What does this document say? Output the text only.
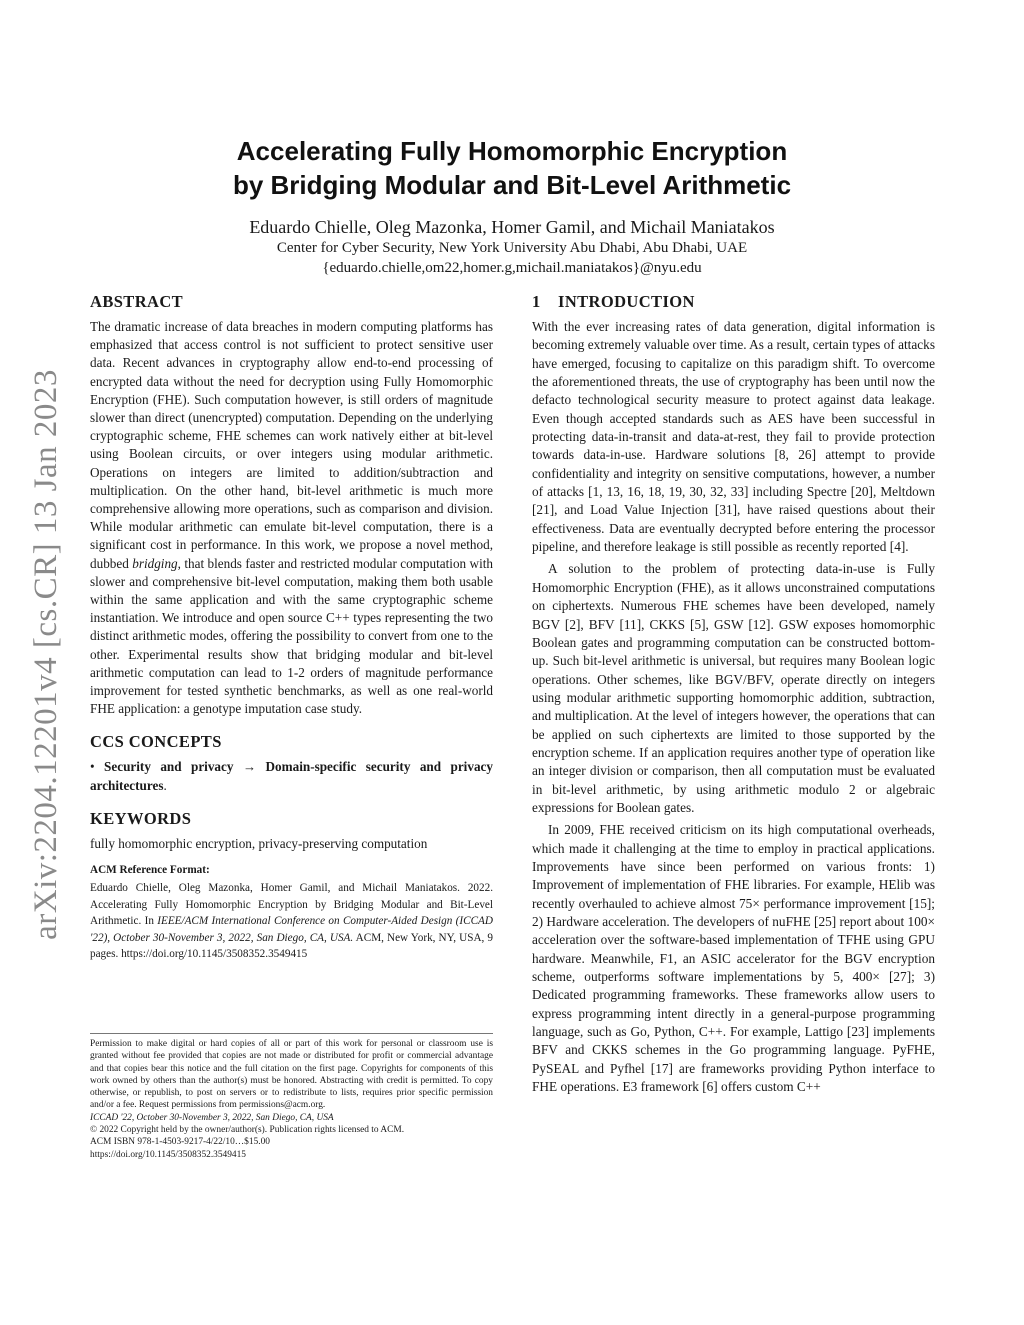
arXiv:2204.12201v4 [cs.CR] 13 Jan 2023
Accelerating Fully Homomorphic Encryption
by Bridging Modular and Bit-Level Arithmetic
Eduardo Chielle, Oleg Mazonka, Homer Gamil, and Michail Maniatakos
Center for Cyber Security, New York University Abu Dhabi, Abu Dhabi, UAE
{eduardo.chielle,om22,homer.g,michail.maniatakos}@nyu.edu
ABSTRACT

The dramatic increase of data breaches in modern computing platforms has emphasized that access control is not sufficient to protect sensitive user data. Recent advances in cryptography allow end-to-end processing of encrypted data without the need for decryption using Fully Homomorphic Encryption (FHE). Such computation however, is still orders of magnitude slower than direct (unencrypted) computation. Depending on the underlying cryptographic scheme, FHE schemes can work natively either at bit-level using Boolean circuits, or over integers using modular arithmetic. Operations on integers are limited to addition/subtraction and multiplication. On the other hand, bit-level arithmetic is much more comprehensive allowing more operations, such as comparison and division. While modular arithmetic can emulate bit-level computation, there is a significant cost in performance. In this work, we propose a novel method, dubbed bridging, that blends faster and restricted modular computation with slower and comprehensive bit-level computation, making them both usable within the same application and with the same cryptographic scheme instantiation. We introduce and open source C++ types representing the two distinct arithmetic modes, offering the possibility to convert from one to the other. Experimental results show that bridging modular and bit-level arithmetic computation can lead to 1-2 orders of magnitude performance improvement for tested synthetic benchmarks, as well as one real-world FHE application: a genotype imputation case study.

CCS CONCEPTS

• Security and privacy → Domain-specific security and privacy architectures.

KEYWORDS

fully homomorphic encryption, privacy-preserving computation

ACM Reference Format:

Eduardo Chielle, Oleg Mazonka, Homer Gamil, and Michail Maniatakos. 2022. Accelerating Fully Homomorphic Encryption by Bridging Modular and Bit-Level Arithmetic. In IEEE/ACM International Conference on Computer-Aided Design (ICCAD '22), October 30-November 3, 2022, San Diego, CA, USA. ACM, New York, NY, USA, 9 pages. https://doi.org/10.1145/3508352.3549415

Permission to make digital or hard copies of all or part of this work for personal or classroom use is granted without fee provided that copies are not made or distributed for profit or commercial advantage and that copies bear this notice and the full citation on the first page. Copyrights for components of this work owned by others than the author(s) must be honored. Abstracting with credit is permitted. To copy otherwise, or republish, to post on servers or to redistribute to lists, requires prior specific permission and/or a fee. Request permissions from permissions@acm.org.

ICCAD '22, October 30-November 3, 2022, San Diego, CA, USA

© 2022 Copyright held by the owner/author(s). Publication rights licensed to ACM.

ACM ISBN 978-1-4503-9217-4/22/10…$15.00

https://doi.org/10.1145/3508352.3549415

1 INTRODUCTION

With the ever increasing rates of data generation, digital information is becoming extremely valuable over time. As a result, certain types of attacks have emerged, focusing to capitalize on this paradigm shift. To overcome the aforementioned threats, the use of cryptography has been until now the defacto technological security measure to protect against data leakage. Even though accepted standards such as AES have been successful in protecting data-in-transit and data-at-rest, they fail to provide protection towards data-in-use. Hardware solutions [8, 26] attempt to provide confidentiality and integrity on sensitive computations, however, a number of attacks [1, 13, 16, 18, 19, 30, 32, 33] including Spectre [20], Meltdown [21], and Load Value Injection [31], have raised questions about their effectiveness. Data are eventually decrypted before entering the processor pipeline, and therefore leakage is still possible as recently reported [4].

A solution to the problem of protecting data-in-use is Fully Homomorphic Encryption (FHE), as it allows unconstrained computations on ciphertexts. Numerous FHE schemes have been developed, namely BGV [2], BFV [11], CKKS [5], GSW [12]. GSW exposes homomorphic Boolean gates and programming computation can be constructed bottom-up. Such bit-level arithmetic is universal, but requires many Boolean logic operations. Other schemes, like BGV/BFV, operate directly on integers using modular arithmetic supporting homomorphic addition, subtraction, and multiplication. At the level of integers however, the operations that can be applied on such ciphertexts are limited to those supported by the encryption scheme. If an application requires another type of operation like an integer division or comparison, then all computation must be evaluated in bit-level arithmetic, by using arithmetic modulo 2 or algebraic expressions for Boolean gates.

In 2009, FHE received criticism on its high computational overheads, which made it challenging at the time to employ in practical applications. Improvements have since been performed on various fronts: 1) Improvement of implementation of FHE libraries. For example, HElib was recently overhauled to achieve almost 75× performance improvement [15]; 2) Hardware acceleration. The developers of nuFHE [25] report about 100× acceleration over the software-based implementation of TFHE using GPU hardware. Meanwhile, F1, an ASIC accelerator for the BGV encryption scheme, outperforms software implementations by 5, 400× [27]; 3) Dedicated programming frameworks. These frameworks allow users to express programming intent directly in a general-purpose programming language, such as Go, Python, C++. For example, Lattigo [23] implements BFV and CKKS schemes in the Go programming language. PyFHE, PySEAL and Pyfhel [17] are frameworks providing Python interface to FHE operations. E3 framework [6] offers custom C++
